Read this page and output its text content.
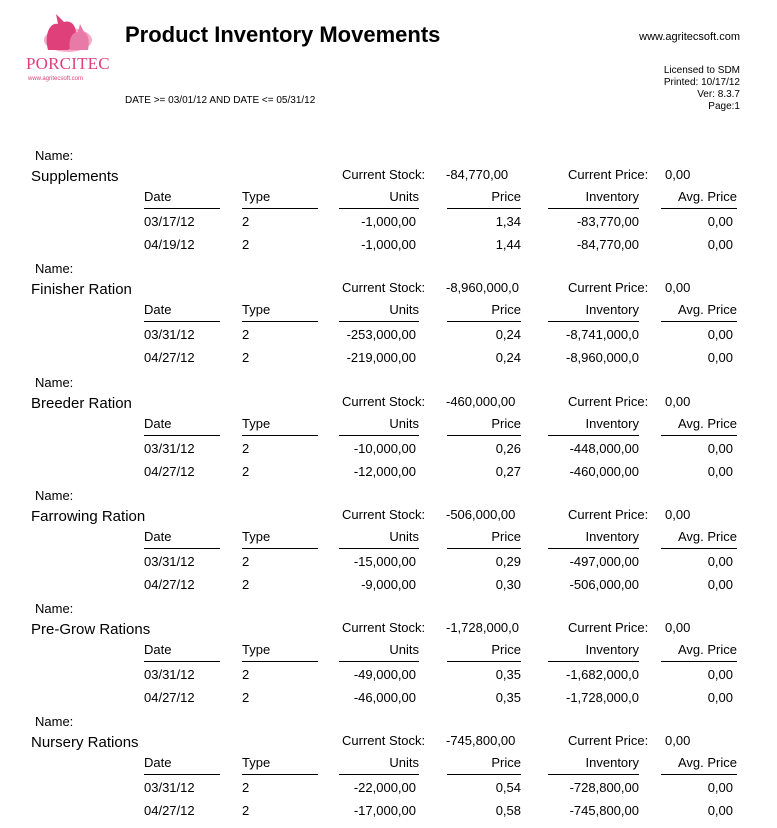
PORCITEC
www.agritecsoft.com
Product Inventory Movements
DATE >= 03/01/12 AND DATE <= 05/31/12
www.agritecsoft.com
Licensed to SDM
Printed: 10/17/12
Ver: 8.3.7
Page:1
Name:
Supplements	Current Stock: -84,770,00	Current Price: 0,00
Date	Type	Units	Price	Inventory	Avg. Price
03/17/12	2	-1,000,00	1,34	-83,770,00	0,00
04/19/12	2	-1,000,00	1,44	-84,770,00	0,00
Name:
Finisher Ration	Current Stock: -8,960,000,0	Current Price: 0,00
Date	Type	Units	Price	Inventory	Avg. Price
03/31/12	2	-253,000,00	0,24	-8,741,000,0	0,00
04/27/12	2	-219,000,00	0,24	-8,960,000,0	0,00
Name:
Breeder Ration	Current Stock: -460,000,00	Current Price: 0,00
Date	Type	Units	Price	Inventory	Avg. Price
03/31/12	2	-10,000,00	0,26	-448,000,00	0,00
04/27/12	2	-12,000,00	0,27	-460,000,00	0,00
Name:
Farrowing Ration	Current Stock: -506,000,00	Current Price: 0,00
Date	Type	Units	Price	Inventory	Avg. Price
03/31/12	2	-15,000,00	0,29	-497,000,00	0,00
04/27/12	2	-9,000,00	0,30	-506,000,00	0,00
Name:
Pre-Grow Rations	Current Stock: -1,728,000,0	Current Price: 0,00
Date	Type	Units	Price	Inventory	Avg. Price
03/31/12	2	-49,000,00	0,35	-1,682,000,0	0,00
04/27/12	2	-46,000,00	0,35	-1,728,000,0	0,00
Name:
Nursery Rations	Current Stock: -745,800,00	Current Price: 0,00
Date	Type	Units	Price	Inventory	Avg. Price
03/31/12	2	-22,000,00	0,54	-728,800,00	0,00
04/27/12	2	-17,000,00	0,58	-745,800,00	0,00
